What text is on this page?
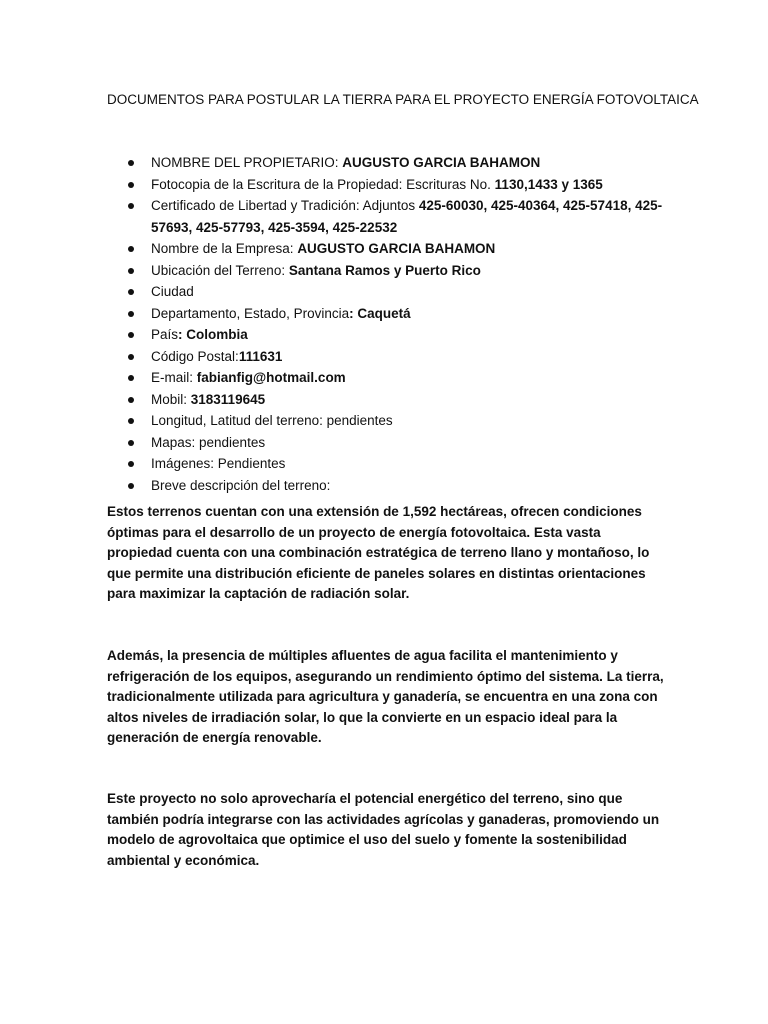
DOCUMENTOS PARA POSTULAR LA TIERRA PARA EL PROYECTO ENERGÍA FOTOVOLTAICA
NOMBRE DEL PROPIETARIO: AUGUSTO GARCIA BAHAMON
Fotocopia de la Escritura de la Propiedad: Escrituras No. 1130,1433 y 1365
Certificado de Libertad y Tradición: Adjuntos 425-60030, 425-40364, 425-57418, 425-57693, 425-57793, 425-3594, 425-22532
Nombre de la Empresa: AUGUSTO GARCIA BAHAMON
Ubicación del Terreno: Santana Ramos y Puerto Rico
Ciudad
Departamento, Estado, Provincia: Caquetá
País: Colombia
Código Postal:111631
E-mail: fabianfig@hotmail.com
Mobil: 3183119645
Longitud, Latitud del terreno: pendientes
Mapas: pendientes
Imágenes: Pendientes
Breve descripción del terreno:

Estos terrenos cuentan con una extensión de 1,592 hectáreas, ofrecen condiciones óptimas para el desarrollo de un proyecto de energía fotovoltaica. Esta vasta propiedad cuenta con una combinación estratégica de terreno llano y montañoso, lo que permite una distribución eficiente de paneles solares en distintas orientaciones para maximizar la captación de radiación solar.

Además, la presencia de múltiples afluentes de agua facilita el mantenimiento y refrigeración de los equipos, asegurando un rendimiento óptimo del sistema. La tierra, tradicionalmente utilizada para agricultura y ganadería, se encuentra en una zona con altos niveles de irradiación solar, lo que la convierte en un espacio ideal para la generación de energía renovable.

Este proyecto no solo aprovecharía el potencial energético del terreno, sino que también podría integrarse con las actividades agrícolas y ganaderas, promoviendo un modelo de agrovoltaica que optimice el uso del suelo y fomente la sostenibilidad ambiental y económica.
